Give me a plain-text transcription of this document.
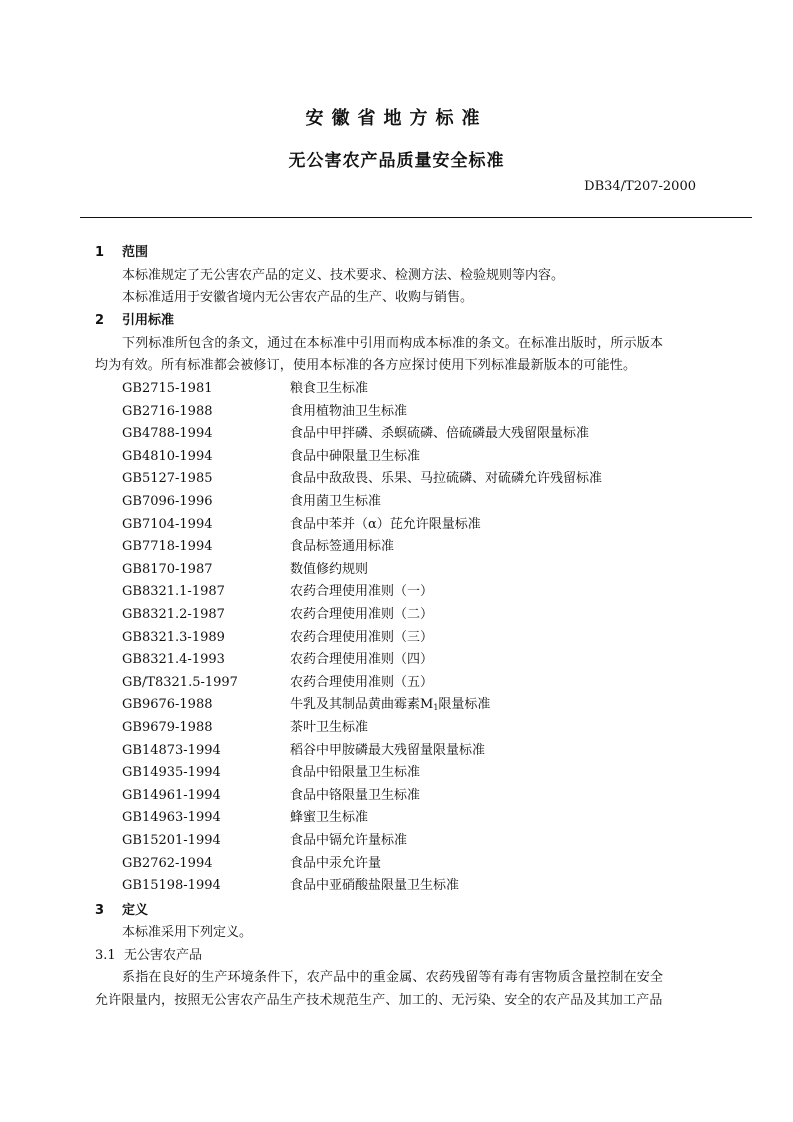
安徽省地方标准
无公害农产品质量安全标准
DB34/T207-2000
1 范围
本标准规定了无公害农产品的定义、技术要求、检测方法、检验规则等内容。
本标准适用于安徽省境内无公害农产品的生产、收购与销售。
2 引用标准
下列标准所包含的条文，通过在本标准中引用而构成本标准的条文。在标准出版时，所示版本
均为有效。所有标准都会被修订，使用本标准的各方应探讨使用下列标准最新版本的可能性。
GB2715-1981	粮食卫生标准
GB2716-1988	食用植物油卫生标准
GB4788-1994	食品中甲拌磷、杀螟硫磷、倍硫磷最大残留限量标准
GB4810-1994	食品中砷限量卫生标准
GB5127-1985	食品中敌敌畏、乐果、马拉硫磷、对硫磷允许残留标准
GB7096-1996	食用菌卫生标准
GB7104-1994	食品中苯并（α）芘允许限量标准
GB7718-1994	食品标签通用标准
GB8170-1987	数值修约规则
GB8321.1-1987	农药合理使用准则（一）
GB8321.2-1987	农药合理使用准则（二）
GB8321.3-1989	农药合理使用准则（三）
GB8321.4-1993	农药合理使用准则（四）
GB/T8321.5-1997	农药合理使用准则（五）
GB9676-1988	牛乳及其制品黄曲霉素$M_1$限量标准
GB9679-1988	茶叶卫生标准
GB14873-1994	稻谷中甲胺磷最大残留量限量标准
GB14935-1994	食品中铅限量卫生标准
GB14961-1994	食品中铬限量卫生标准
GB14963-1994	蜂蜜卫生标准
GB15201-1994	食品中镉允许量标准
GB2762-1994	食品中汞允许量
GB15198-1994	食品中亚硝酸盐限量卫生标准
3 定义
本标准采用下列定义。
3.1 无公害农产品
系指在良好的生产环境条件下，农产品中的重金属、农药残留等有毒有害物质含量控制在安全
允许限量内，按照无公害农产品生产技术规范生产、加工的、无污染、安全的农产品及其加工产品
